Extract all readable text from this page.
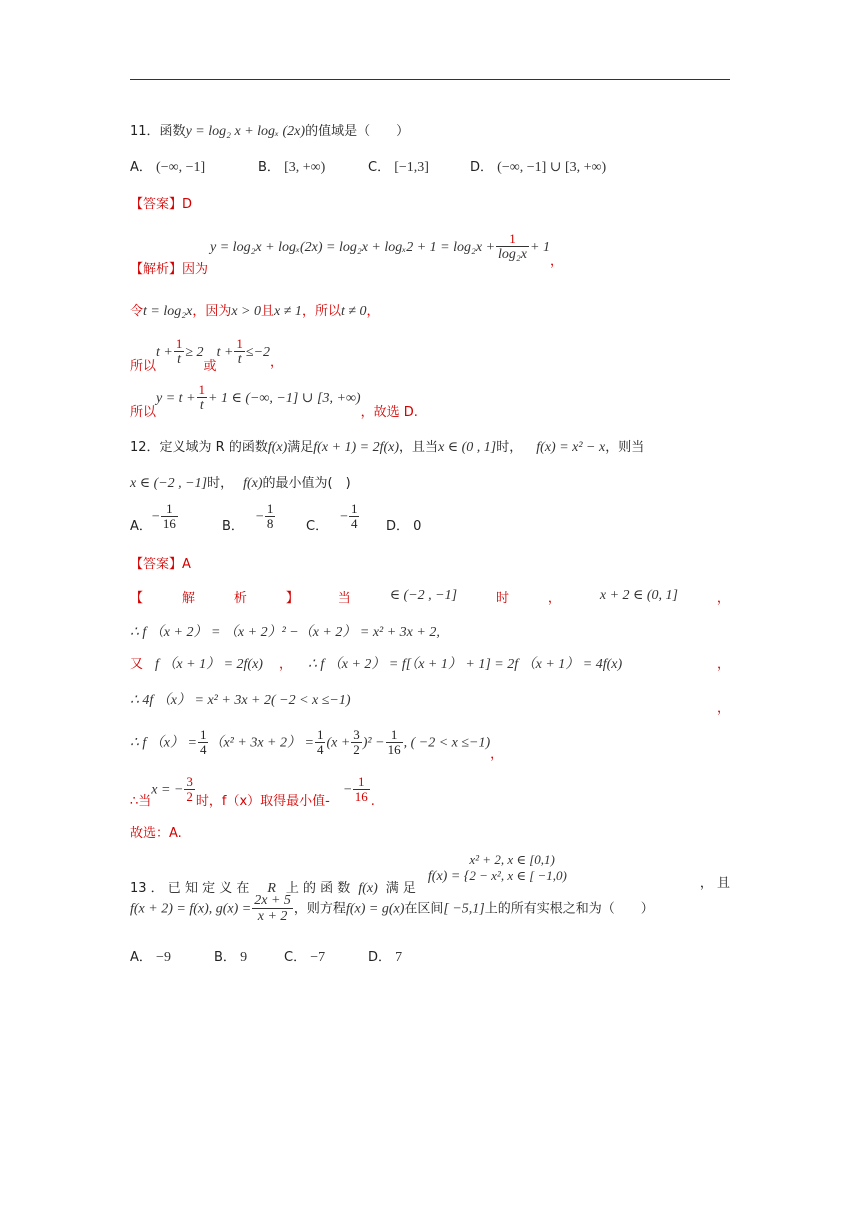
11．函数y = log₂ x + logₓ (2x)的值域是（　　）
A． (−∞, −1]	B． [3, +∞)	C． [−1,3]	D． (−∞, −1] ∪ [3, +∞)
【答案】D
【解析】因为$y = \log_2x + \log_x(2x) = \log_2x + \log_x2 + 1 = \log_2x + \frac{1}{\text{log₂x}} + 1$，
令t = log₂x，因为x > 0且x ≠ 1，所以t ≠ 0，
所以$t + \frac{1}{t} \ge 2$或$t + \frac{1}{t} \le-2$，
所以$y = t + \frac{1}{t} + 1$ ∈ (−∞, −1] ∪ [3, +∞)，故选 D.
12．定义域为 R 的函数f(x)满足f(x + 1) = 2f(x)，且当x ∈ (0 , 1]时， f(x) = x² − x，则当
x ∈ (−2 , −1]时， f(x)的最小值为(　)
A．− $\frac{1}{16}$	B．− $\frac{1}{8}$ C．− $\frac{1}{4}$ D． 0
【答案】A
【	解	析	】	当	∈ (−2 , −1]	时	，	x + 2 ∈ (0, 1]	，
∴ f （x + 2） = （x + 2）² −（x + 2） = x² + 3x + 2,
又 f （x + 1） = 2f(x) ， ∴ f （x + 2） = f[（x + 1） + 1] = 2f （x + 1） = 4f(x)	，
∴ 4f （x） = x² + 3x + 2( −2 < x ≤−1)
，
∴ f $(x) = \frac{1}{4} (x^2 + 3x + 2) = \frac{1}{4} (x + \frac{3}{2} )^2 - \frac{1}{16}$ , ( −2 < x ≤−1)，
∴当x = − $\frac{3}{2}$ 时，f（x）取得最小值-− $\frac{1}{16}$ .
故选：A.
13 ． 已 知 定 义 在 R 上 的 函 数 f(x) 满 足f(x) = {
x² + 2, x ∈ [0,1)
2 − x², x ∈ [ −1,0)
， 且
f(x + 2) = f(x), $g(x) = \frac{2x + 5}{x + 2}$ ，则方程f(x) = g(x)在区间[ −5,1]上的所有实根之和为（　　）
A． −9	B． 9	C． −7	D． 7
